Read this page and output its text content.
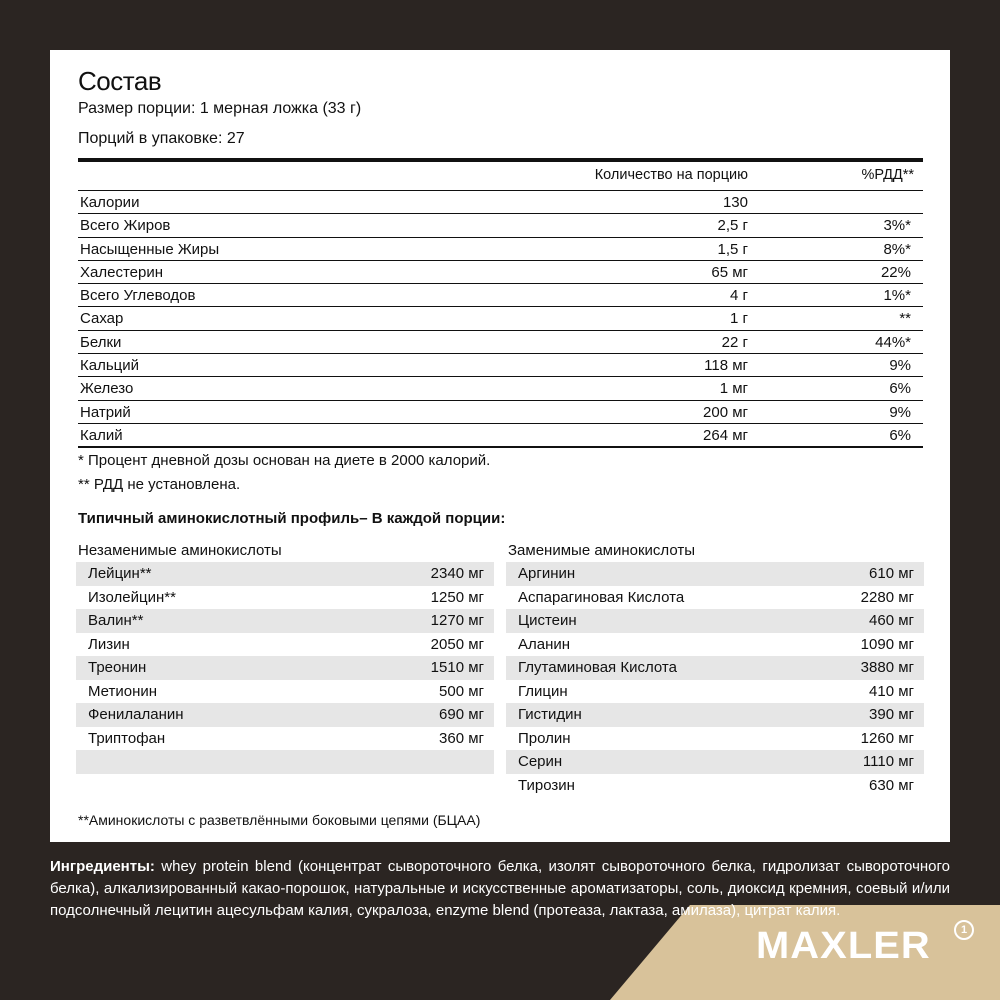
Состав
Размер порции: 1 мерная ложка (33 г)
Порций в упаковке: 27
Количество на порцию	%РДД**
Калории	130
Всего Жиров	2,5 г	3%*
Насыщенные Жиры	1,5 г	8%*
Халестерин	65 мг	22%
Всего Углеводов	4 г	1%*
Сахар	1 г	**
Белки	22 г	44%*
Кальций	118 мг	9%
Железо	1 мг	6%
Натрий	200 мг	9%
Калий	264 мг	6%
* Процент дневной дозы основан на диете в 2000 калорий.
** РДД не установлена.
Типичный аминокислотный профиль– В каждой порции:
Незаменимые аминокислоты
Лейцин**	2340 мг
Изолейцин**	1250 мг
Валин**	1270 мг
Лизин	2050 мг
Треонин	1510 мг
Метионин	500 мг
Фенилаланин	690 мг
Триптофан	360 мг
Заменимые аминокислоты
Аргинин	610 мг
Аспарагиновая Кислота	2280 мг
Цистеин	460 мг
Аланин	1090 мг
Глутаминовая Кислота	3880 мг
Глицин	410 мг
Гистидин	390 мг
Пролин	1260 мг
Серин	1110 мг
Тирозин	630 мг
**Аминокислоты с разветвлёнными боковыми цепями (БЦАА)
Ингредиенты: whey protein blend (концентрат сывороточного белка, изолят сывороточного белка, гидролизат сывороточного белка), алкализированный какао-порошок, натуральные и искусственные ароматизаторы, соль, диоксид кремния, соевый и/или подсолнечный лецитин ацесульфам калия, сукралоза, enzyme blend (протеаза, лактаза, амилаза), цитрат калия.
MAXLER	1
